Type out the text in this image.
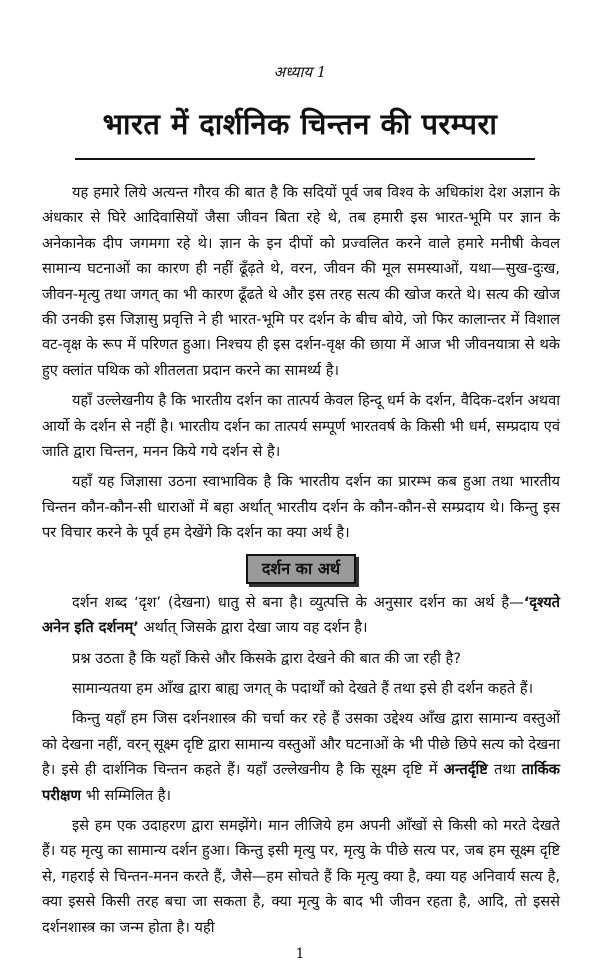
अध्याय 1
भारत में दार्शनिक चिन्तन की परम्परा

यह हमारे लिये अत्यन्त गौरव की बात है कि सदियों पूर्व जब विश्व के अधिकांश देश अज्ञान के अंधकार से घिरे आदिवासियों जैसा जीवन बिता रहे थे, तब हमारी इस भारत-भूमि पर ज्ञान के अनेकानेक दीप जगमगा रहे थे। ज्ञान के इन दीपों को प्रज्वलित करने वाले हमारे मनीषी केवल सामान्य घटनाओं का कारण ही नहीं ढूँढ़ते थे, वरन, जीवन की मूल समस्याओं, यथा—सुख-दुःख, जीवन-मृत्यु तथा जगत् का भी कारण ढूँढते थे और इस तरह सत्य की खोज करते थे। सत्य की खोज की उनकी इस जिज्ञासु प्रवृत्ति ने ही भारत-भूमि पर दर्शन के बीच बोये, जो फिर कालान्तर में विशाल वट-वृक्ष के रूप में परिणत हुआ। निश्चय ही इस दर्शन-वृक्ष की छाया में आज भी जीवनयात्रा से थके हुए क्लांत पथिक को शीतलता प्रदान करने का सामर्थ्य है।

यहाँ उल्लेखनीय है कि भारतीय दर्शन का तात्पर्य केवल हिन्दू धर्म के दर्शन, वैदिक-दर्शन अथवा आर्यो के दर्शन से नहीं है। भारतीय दर्शन का तात्पर्य सम्पूर्ण भारतवर्ष के किसी भी धर्म, सम्प्रदाय एवं जाति द्वारा चिन्तन, मनन किये गये दर्शन से है।

यहाँ यह जिज्ञासा उठना स्वाभाविक है कि भारतीय दर्शन का प्रारम्भ कब हुआ तथा भारतीय चिन्तन कौन-कौन-सी धाराओं में बहा अर्थात् भारतीय दर्शन के कौन-कौन-से सम्प्रदाय थे। किन्तु इस पर विचार करने के पूर्व हम देखेंगे कि दर्शन का क्या अर्थ है।

दर्शन का अर्थ

दर्शन शब्द ‘दृश’ (देखना) धातु से बना है। व्युत्पत्ति के अनुसार दर्शन का अर्थ है—‘दृश्यते अनेन इति दर्शनम्’ अर्थात् जिसके द्वारा देखा जाय वह दर्शन है।

प्रश्न उठता है कि यहाँ किसे और किसके द्वारा देखने की बात की जा रही है?

सामान्यतया हम आँख द्वारा बाह्य जगत् के पदार्थों को देखते हैं तथा इसे ही दर्शन कहते हैं।

किन्तु यहाँ हम जिस दर्शनशास्त्र की चर्चा कर रहे हैं उसका उद्देश्य आँख द्वारा सामान्य वस्तुओं को देखना नहीं, वरन् सूक्ष्म दृष्टि द्वारा सामान्य वस्तुओं और घटनाओं के भी पीछे छिपे सत्य को देखना है। इसे ही दार्शनिक चिन्तन कहते हैं। यहाँ उल्लेखनीय है कि सूक्ष्म दृष्टि में अन्तर्दृष्टि तथा तार्किक परीक्षण भी सम्मिलित है।

इसे हम एक उदाहरण द्वारा समझेंगे। मान लीजिये हम अपनी आँखों से किसी को मरते देखते हैं। यह मृत्यु का सामान्य दर्शन हुआ। किन्तु इसी मृत्यु पर, मृत्यु के पीछे सत्य पर, जब हम सूक्ष्म दृष्टि से, गहराई से चिन्तन-मनन करते हैं, जैसे—हम सोचते हैं कि मृत्यु क्या है, क्या यह अनिवार्य सत्य है, क्या इससे किसी तरह बचा जा सकता है, क्या मृत्यु के बाद भी जीवन रहता है, आदि, तो इससे दर्शनशास्त्र का जन्म होता है। यही

1
